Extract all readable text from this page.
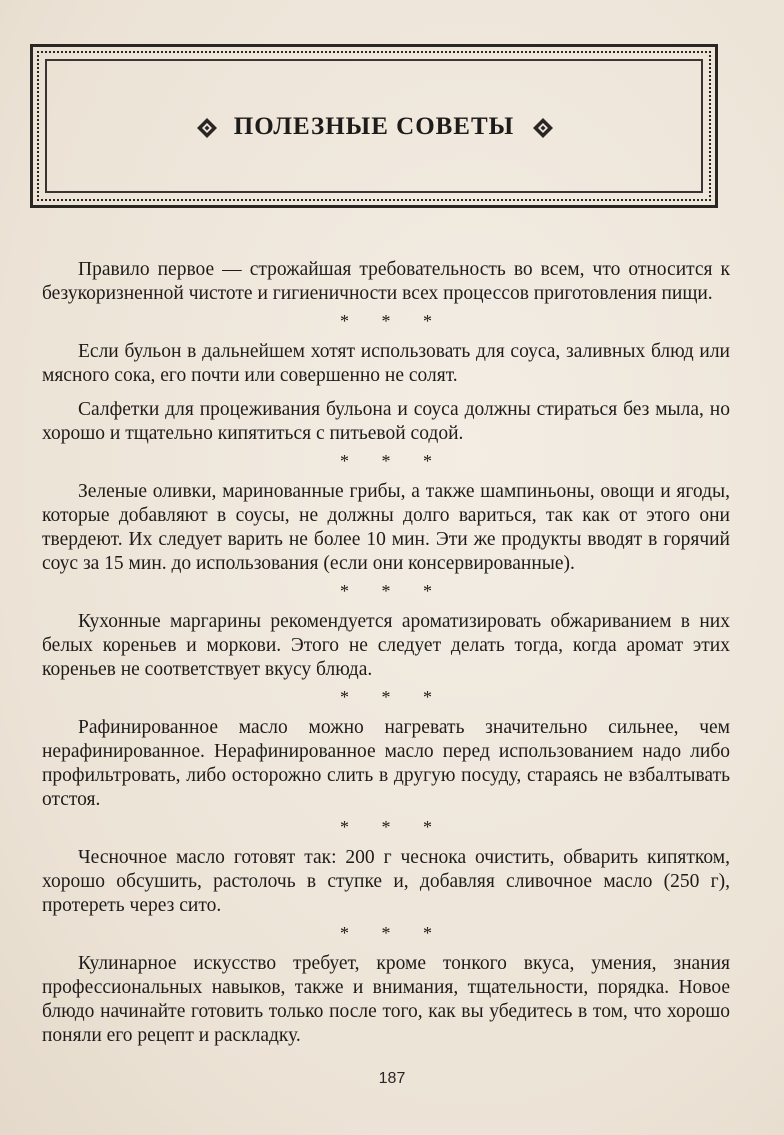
ПОЛЕЗНЫЕ СОВЕТЫ

Правило первое — строжайшая требовательность во всем, что относится к безукоризненной чистоте и гигиеничности всех процессов приготовления пищи.

* * *

Если бульон в дальнейшем хотят использовать для соуса, заливных блюд или мясного сока, его почти или совершенно не солят.

Салфетки для процеживания бульона и соуса должны стираться без мыла, но хорошо и тщательно кипятиться с питьевой содой.

* * *

Зеленые оливки, маринованные грибы, а также шампиньоны, овощи и ягоды, которые добавляют в соусы, не должны долго вариться, так как от этого они твердеют. Их следует варить не более 10 мин. Эти же продукты вводят в горячий соус за 15 мин. до использования (если они консервированные).

* * *

Кухонные маргарины рекомендуется ароматизировать обжариванием в них белых кореньев и моркови. Этого не следует делать тогда, когда аромат этих кореньев не соответствует вкусу блюда.

* * *

Рафинированное масло можно нагревать значительно сильнее, чем нерафинированное. Нерафинированное масло перед использованием надо либо профильтровать, либо осторожно слить в другую посуду, стараясь не взбалтывать отстоя.

* * *

Чесночное масло готовят так: 200 г чеснока очистить, обварить кипятком, хорошо обсушить, растолочь в ступке и, добавляя сливочное масло (250 г), протереть через сито.

* * *

Кулинарное искусство требует, кроме тонкого вкуса, умения, знания профессиональных навыков, также и внимания, тщательности, порядка. Новое блюдо начинайте готовить только после того, как вы убедитесь в том, что хорошо поняли его рецепт и раскладку.

187
